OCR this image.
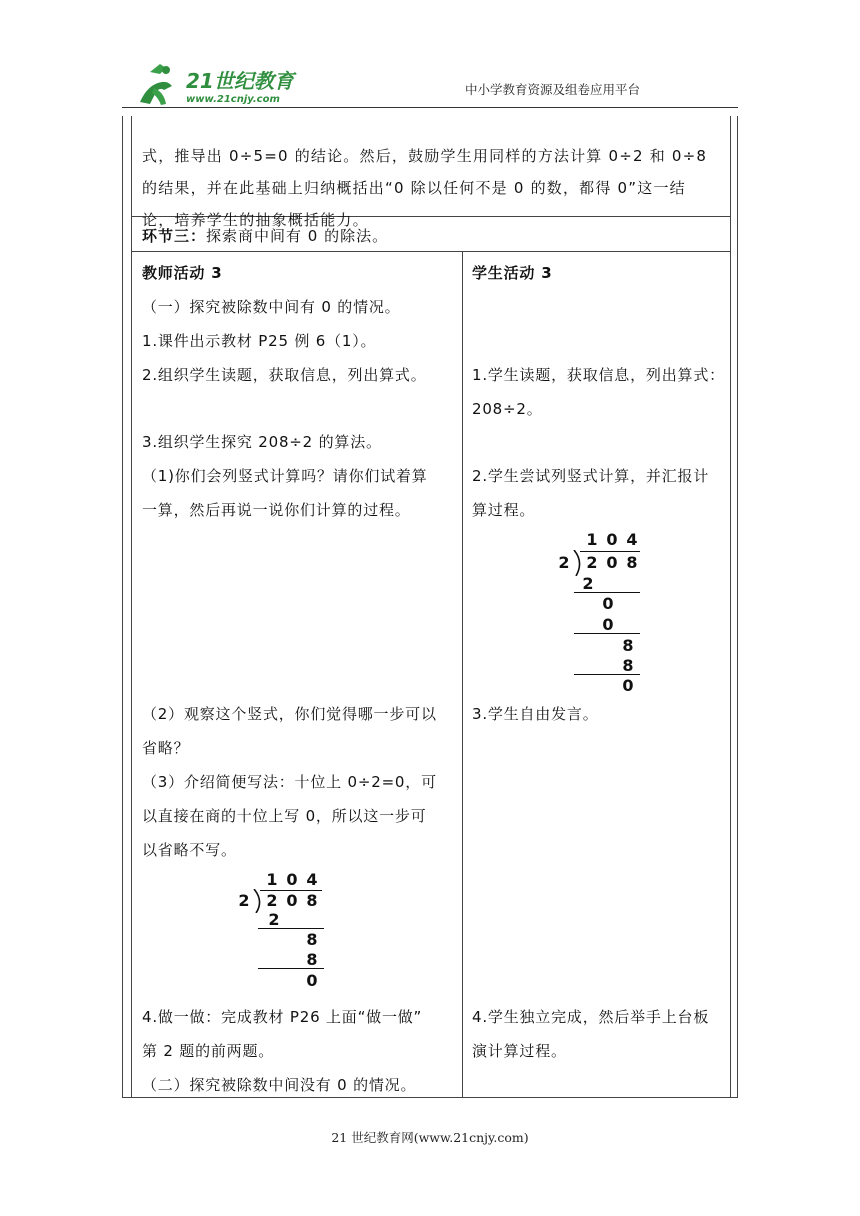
21世纪教育
www.21cnjy.com
中小学教育资源及组卷应用平台

式，推导出 0÷5=0 的结论。然后，鼓励学生用同样的方法计算 0÷2 和 0÷8

的结果，并在此基础上归纳概括出“0 除以任何不是 0 的数，都得 0”这一结

论，培养学生的抽象概括能力。

环节三：探索商中间有 0 的除法。
教师活动 3
（一）探究被除数中间有 0 的情况。
1.课件出示教材 P25 例 6（1）。
2.组织学生读题，获取信息，列出算式。
3.组织学生探究 208÷2 的算法。
（1)你们会列竖式计算吗？请你们试着算
一算，然后再说一说你们计算的过程。
（2）观察这个竖式，你们觉得哪一步可以
省略？
（3）介绍简便写法：十位上 0÷2=0，可
以直接在商的十位上写 0，所以这一步可
以省略不写。
4.做一做：完成教材 P26 上面“做一做”
第 2 题的前两题。
（二）探究被除数中间没有 0 的情况。
学生活动 3
1.学生读题，获取信息，列出算式：
208÷2。
2.学生尝试列竖式计算，并汇报计
算过程。
3.学生自由发言。
4.学生独立完成，然后举手上台板
演计算过程。
1 0 4
2 2 0 8
2
0
0
8
8
0
1 0 4
2 2 0 8
2
8
8
0
21 世纪教育网(www.21cnjy.com)
